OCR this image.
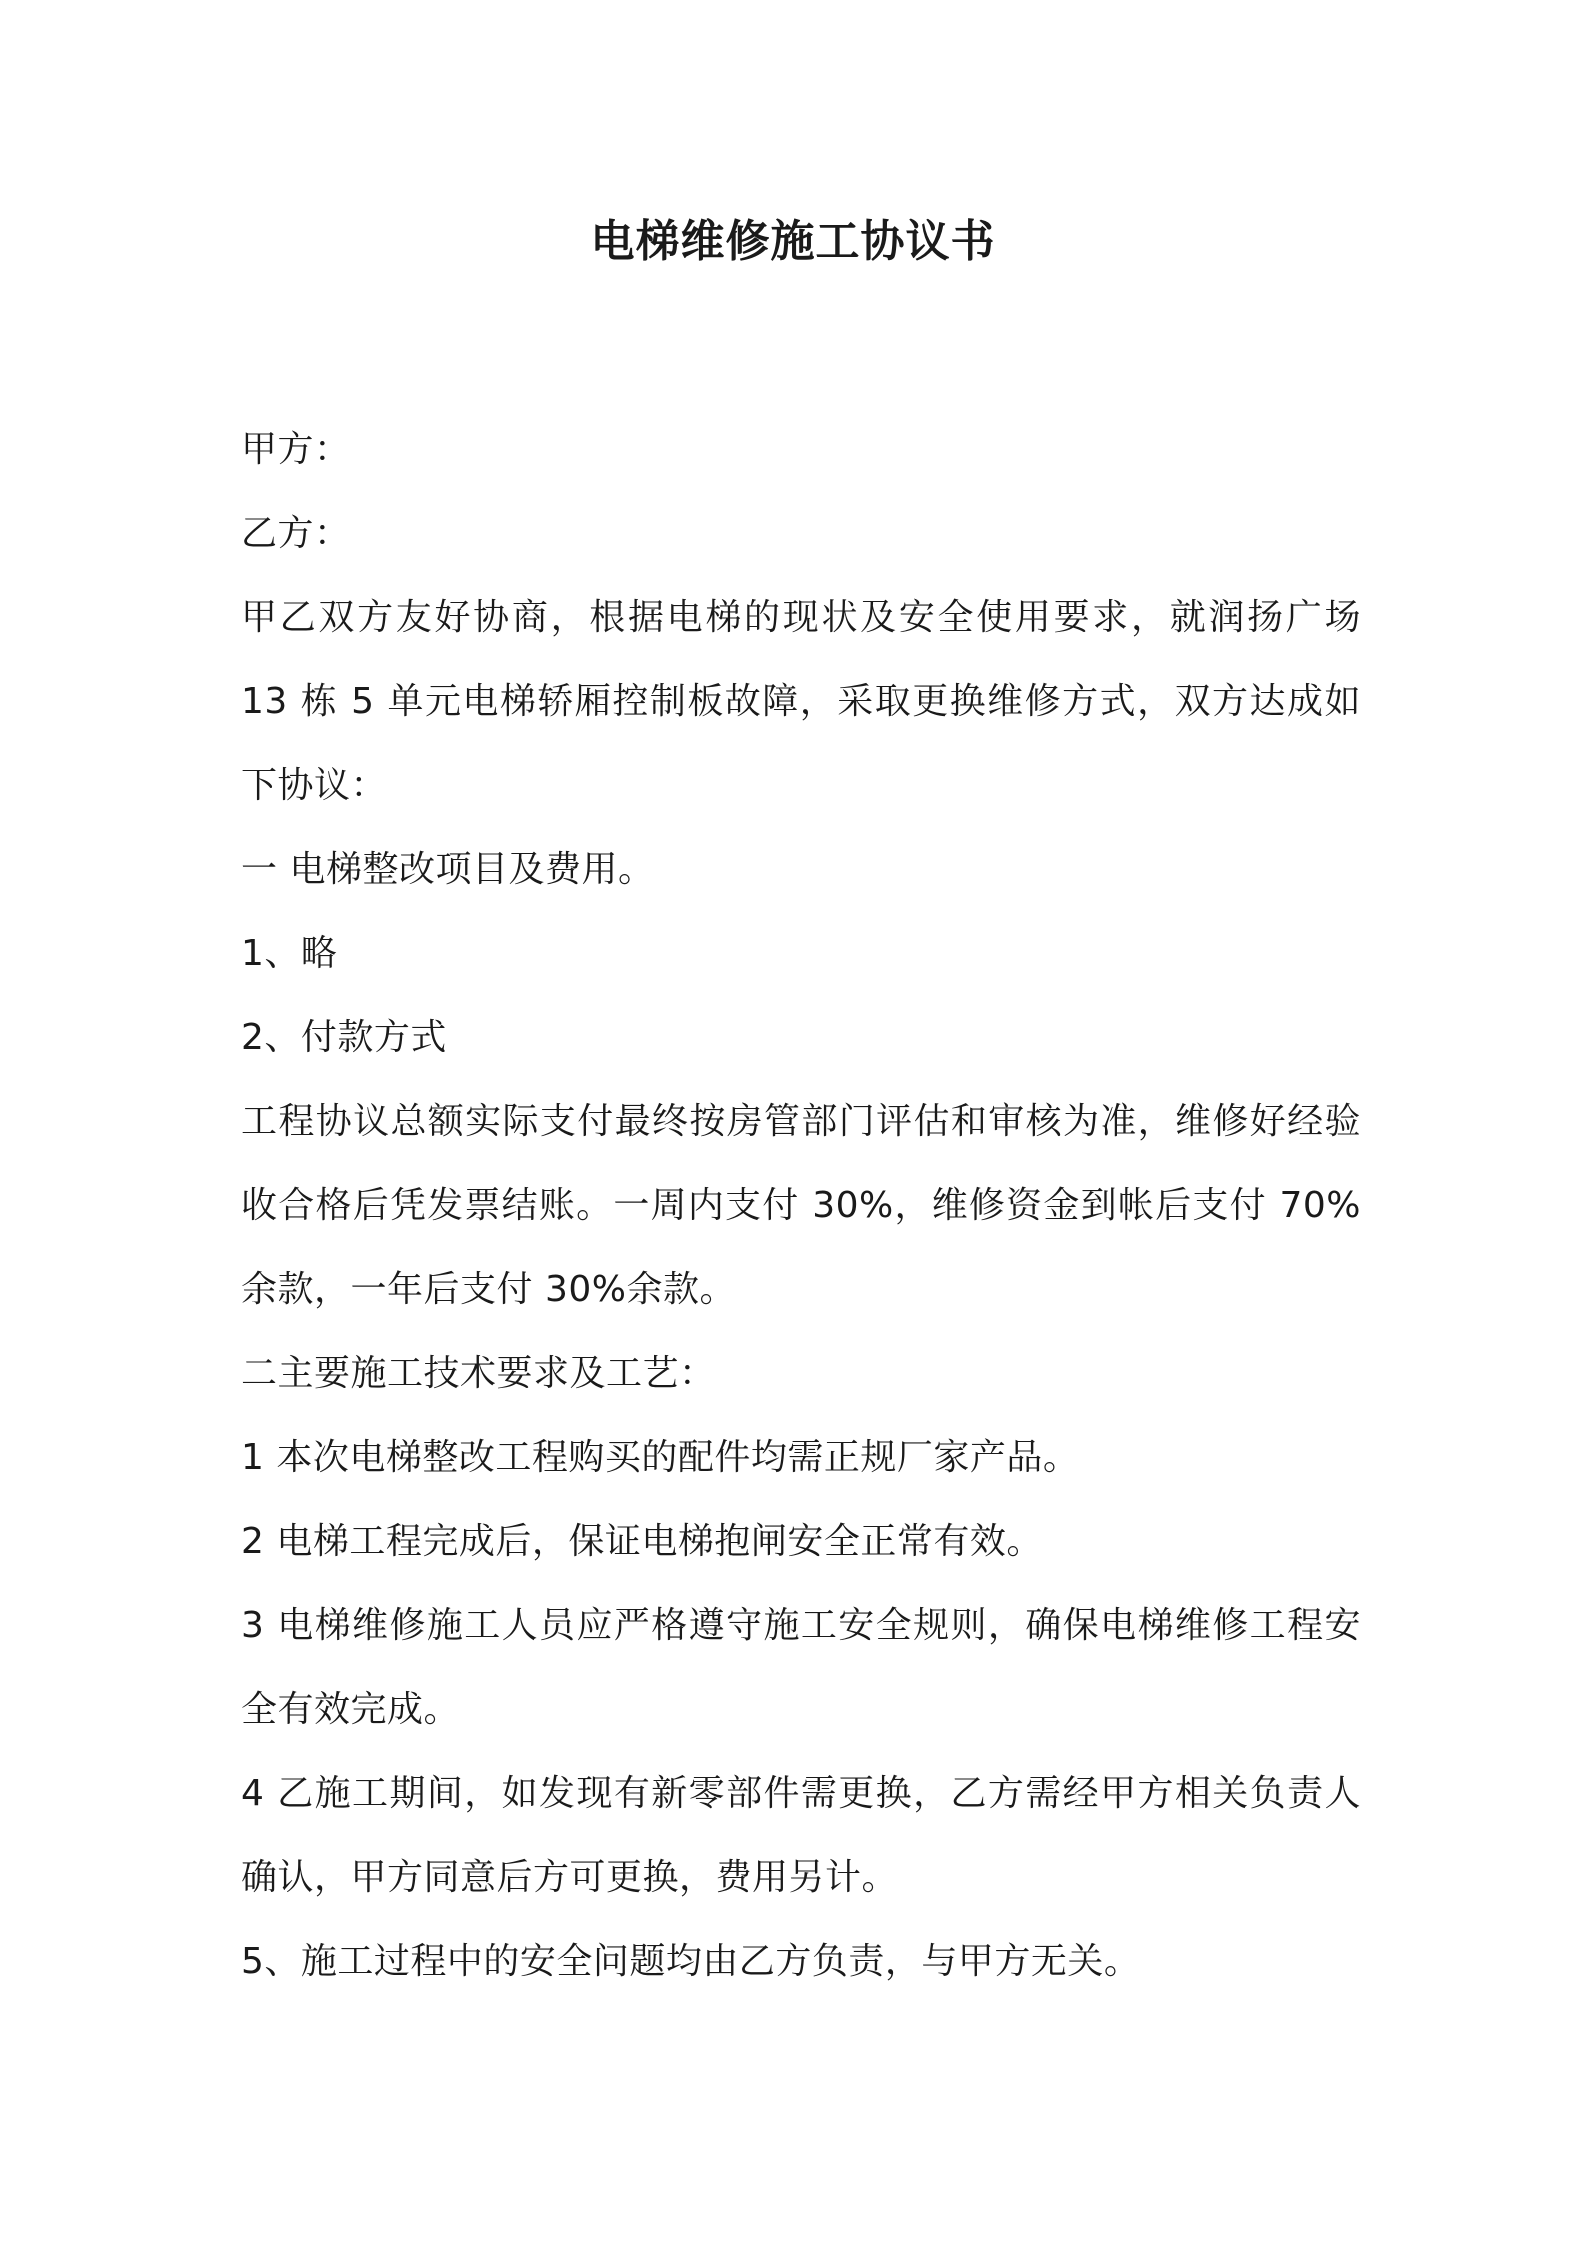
电梯维修施工协议书

甲方：

乙方：

甲乙双方友好协商，根据电梯的现状及安全使用要求，就润扬广场

13 栋 5 单元电梯轿厢控制板故障，采取更换维修方式，双方达成如

下协议：

一 电梯整改项目及费用。

1、略

2、付款方式

工程协议总额实际支付最终按房管部门评估和审核为准，维修好经验

收合格后凭发票结账。一周内支付 30%，维修资金到帐后支付 70%

余款，一年后支付 30%余款。

二主要施工技术要求及工艺：

1 本次电梯整改工程购买的配件均需正规厂家产品。

2 电梯工程完成后，保证电梯抱闸安全正常有效。

3 电梯维修施工人员应严格遵守施工安全规则，确保电梯维修工程安

全有效完成。

4 乙施工期间，如发现有新零部件需更换，乙方需经甲方相关负责人

确认，甲方同意后方可更换，费用另计。

5、施工过程中的安全问题均由乙方负责，与甲方无关。
